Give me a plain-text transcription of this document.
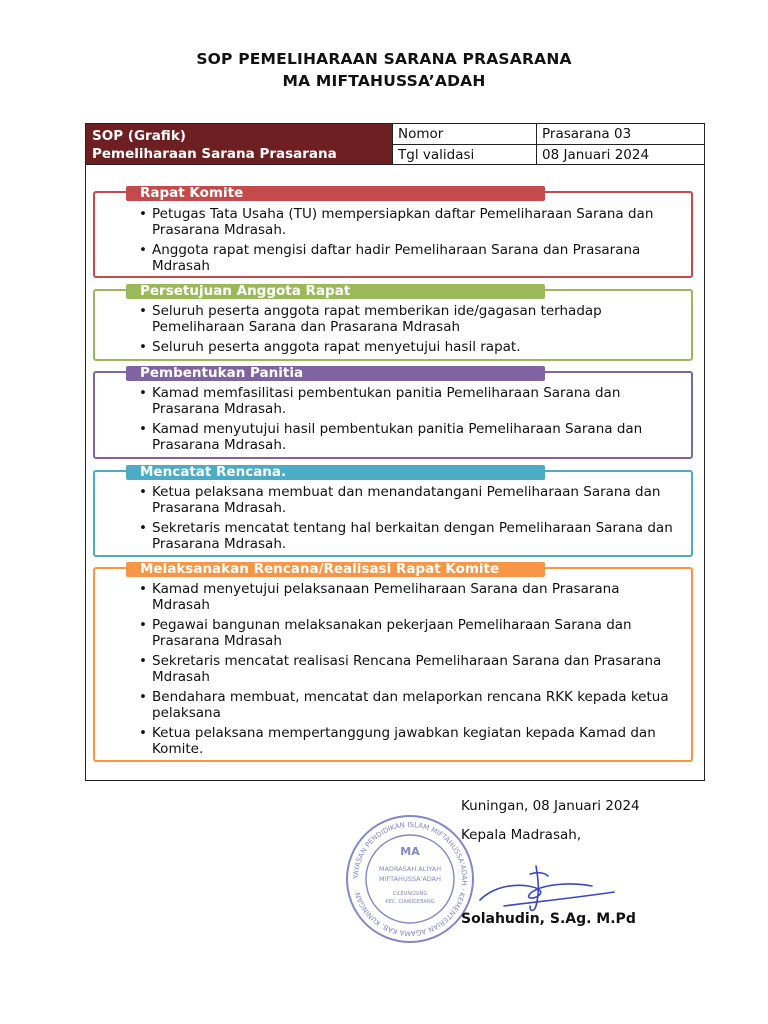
SOP PEMELIHARAAN SARANA PRASARANA
MA MIFTAHUSSA’ADAH
SOP (Grafik)
Pemeliharaan Sarana Prasarana
Nomor	Prasarana 03
Tgl validasi	08 Januari 2024
Rapat Komite
• Petugas Tata Usaha (TU) mempersiapkan daftar Pemeliharaan Sarana dan Prasarana Mdrasah.
• Anggota rapat mengisi daftar hadir Pemeliharaan Sarana dan Prasarana Mdrasah
Persetujuan Anggota Rapat
• Seluruh peserta anggota rapat memberikan ide/gagasan terhadap Pemeliharaan Sarana dan Prasarana Mdrasah
• Seluruh peserta anggota rapat menyetujui hasil rapat.
Pembentukan Panitia
• Kamad memfasilitasi pembentukan panitia Pemeliharaan Sarana dan Prasarana Mdrasah.
• Kamad menyutujui hasil pembentukan panitia Pemeliharaan Sarana dan Prasarana Mdrasah.
Mencatat Rencana.
• Ketua pelaksana membuat dan menandatangani Pemeliharaan Sarana dan Prasarana Mdrasah.
• Sekretaris mencatat tentang hal berkaitan dengan Pemeliharaan Sarana dan Prasarana Mdrasah.
Melaksanakan Rencana/Realisasi Rapat Komite
• Kamad menyetujui pelaksanaan Pemeliharaan Sarana dan Prasarana Mdrasah
• Pegawai bangunan melaksanakan pekerjaan Pemeliharaan Sarana dan Prasarana Mdrasah
• Sekretaris mencatat realisasi Rencana Pemeliharaan Sarana dan Prasarana Mdrasah
• Bendahara membuat, mencatat dan melaporkan rencana RKK kepada ketua pelaksana
• Ketua pelaksana mempertanggung jawabkan kegiatan kepada Kamad dan Komite.
Kuningan, 08 Januari 2024
Kepala Madrasah,
YAYASAN PENDIDIKAN ISLAM MIFTAHUSSA'ADAH · KEMENTERIAN AGAMA KAB. KUNINGAN
MA
MADRASAH ALIYAH
MIFTAHUSSA'ADAH
CILEUNGSING
KEC. CIAWIGEBANG
Solahudin, S.Ag. M.Pd
